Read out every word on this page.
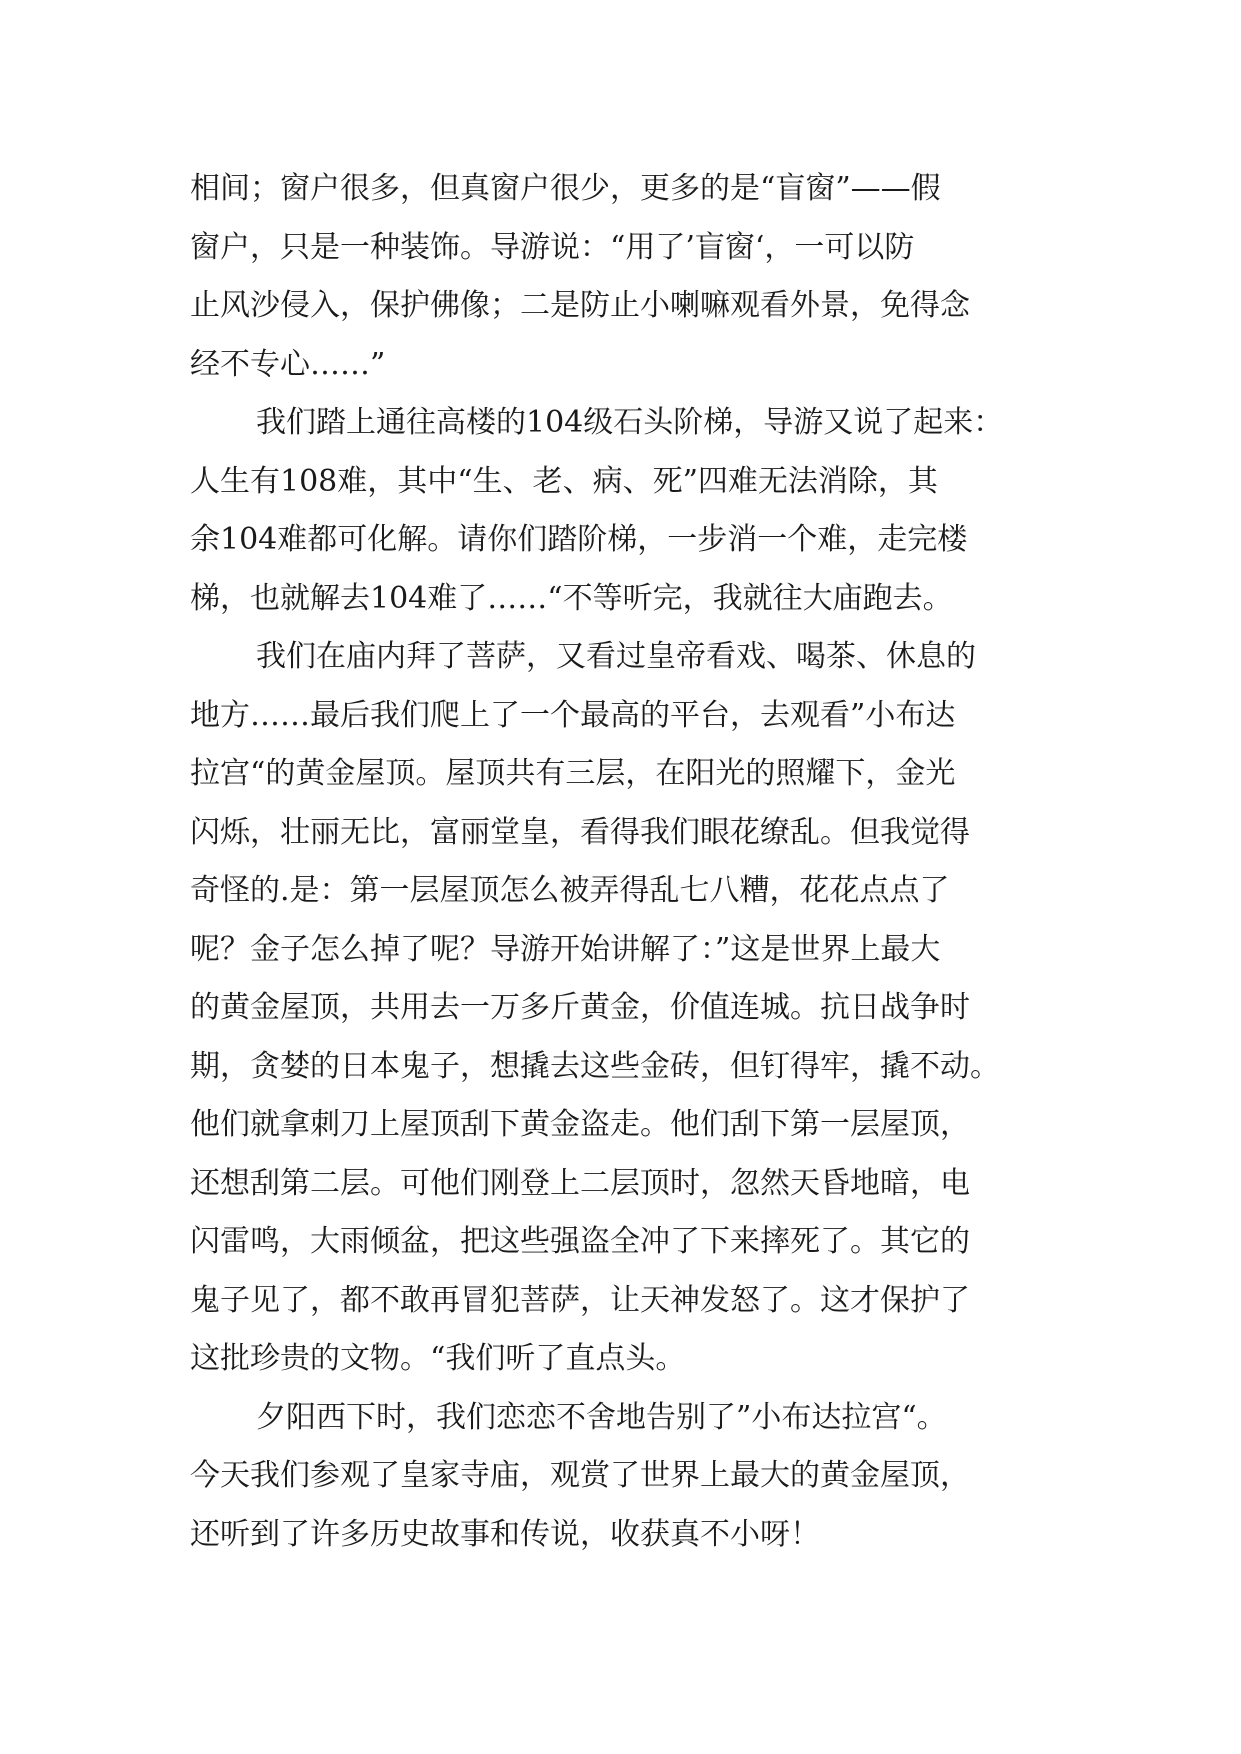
相间；窗户很多，但真窗户很少，更多的是“盲窗”——假
窗户，只是一种装饰。导游说：“用了’盲窗‘，一可以防
止风沙侵入，保护佛像；二是防止小喇嘛观看外景，免得念
经不专心……”
我们踏上通往高楼的104级石头阶梯，导游又说了起来：
人生有108难，其中“生、老、病、死”四难无法消除，其
余104难都可化解。请你们踏阶梯，一步消一个难，走完楼
梯，也就解去104难了……“不等听完，我就往大庙跑去。
我们在庙内拜了菩萨，又看过皇帝看戏、喝茶、休息的
地方……最后我们爬上了一个最高的平台，去观看”小布达
拉宫“的黄金屋顶。屋顶共有三层，在阳光的照耀下，金光
闪烁，壮丽无比，富丽堂皇，看得我们眼花缭乱。但我觉得
奇怪的.是：第一层屋顶怎么被弄得乱七八糟，花花点点了
呢？金子怎么掉了呢？导游开始讲解了：”这是世界上最大
的黄金屋顶，共用去一万多斤黄金，价值连城。抗日战争时
期，贪婪的日本鬼子，想撬去这些金砖，但钉得牢，撬不动。
他们就拿刺刀上屋顶刮下黄金盗走。他们刮下第一层屋顶，
还想刮第二层。可他们刚登上二层顶时，忽然天昏地暗，电
闪雷鸣，大雨倾盆，把这些强盗全冲了下来摔死了。其它的
鬼子见了，都不敢再冒犯菩萨，让天神发怒了。这才保护了
这批珍贵的文物。“我们听了直点头。
夕阳西下时，我们恋恋不舍地告别了”小布达拉宫“。
今天我们参观了皇家寺庙，观赏了世界上最大的黄金屋顶，
还听到了许多历史故事和传说，收获真不小呀！
